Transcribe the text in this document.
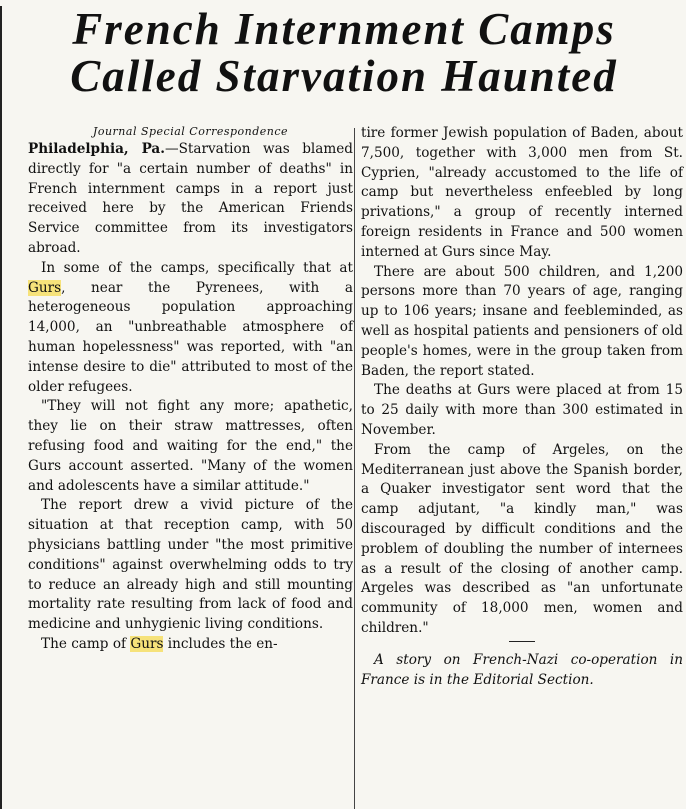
French Internment Camps
Called Starvation Haunted
Journal Special Correspondence

Philadelphia, Pa.—Starvation was blamed directly for "a certain number of deaths" in French internment camps in a report just received here by the American Friends Service committee from its investigators abroad.

In some of the camps, specifically that at Gurs, near the Pyrenees, with a heterogeneous population approaching 14,000, an "unbreathable atmosphere of human hopelessness" was reported, with "an intense desire to die" attributed to most of the older refugees.

"They will not fight any more; apathetic, they lie on their straw mattresses, often refusing food and waiting for the end," the Gurs account asserted. "Many of the women and adolescents have a similar attitude."

The report drew a vivid picture of the situation at that reception camp, with 50 physicians battling under "the most primitive conditions" against overwhelming odds to try to reduce an already high and still mounting mortality rate resulting from lack of food and medicine and unhygienic living conditions.

The camp of Gurs includes the en-

tire former Jewish population of Baden, about 7,500, together with 3,000 men from St. Cyprien, "already accustomed to the life of camp but nevertheless enfeebled by long privations," a group of recently interned foreign residents in France and 500 women interned at Gurs since May.

There are about 500 children, and 1,200 persons more than 70 years of age, ranging up to 106 years; insane and feebleminded, as well as hospital patients and pensioners of old people's homes, were in the group taken from Baden, the report stated.

The deaths at Gurs were placed at from 15 to 25 daily with more than 300 estimated in November.

From the camp of Argeles, on the Mediterranean just above the Spanish border, a Quaker investigator sent word that the camp adjutant, "a kindly man," was discouraged by difficult conditions and the problem of doubling the number of internees as a result of the closing of another camp. Argeles was described as "an unfortunate community of 18,000 men, women and children."

A story on French-Nazi co-operation in France is in the Editorial Section.
